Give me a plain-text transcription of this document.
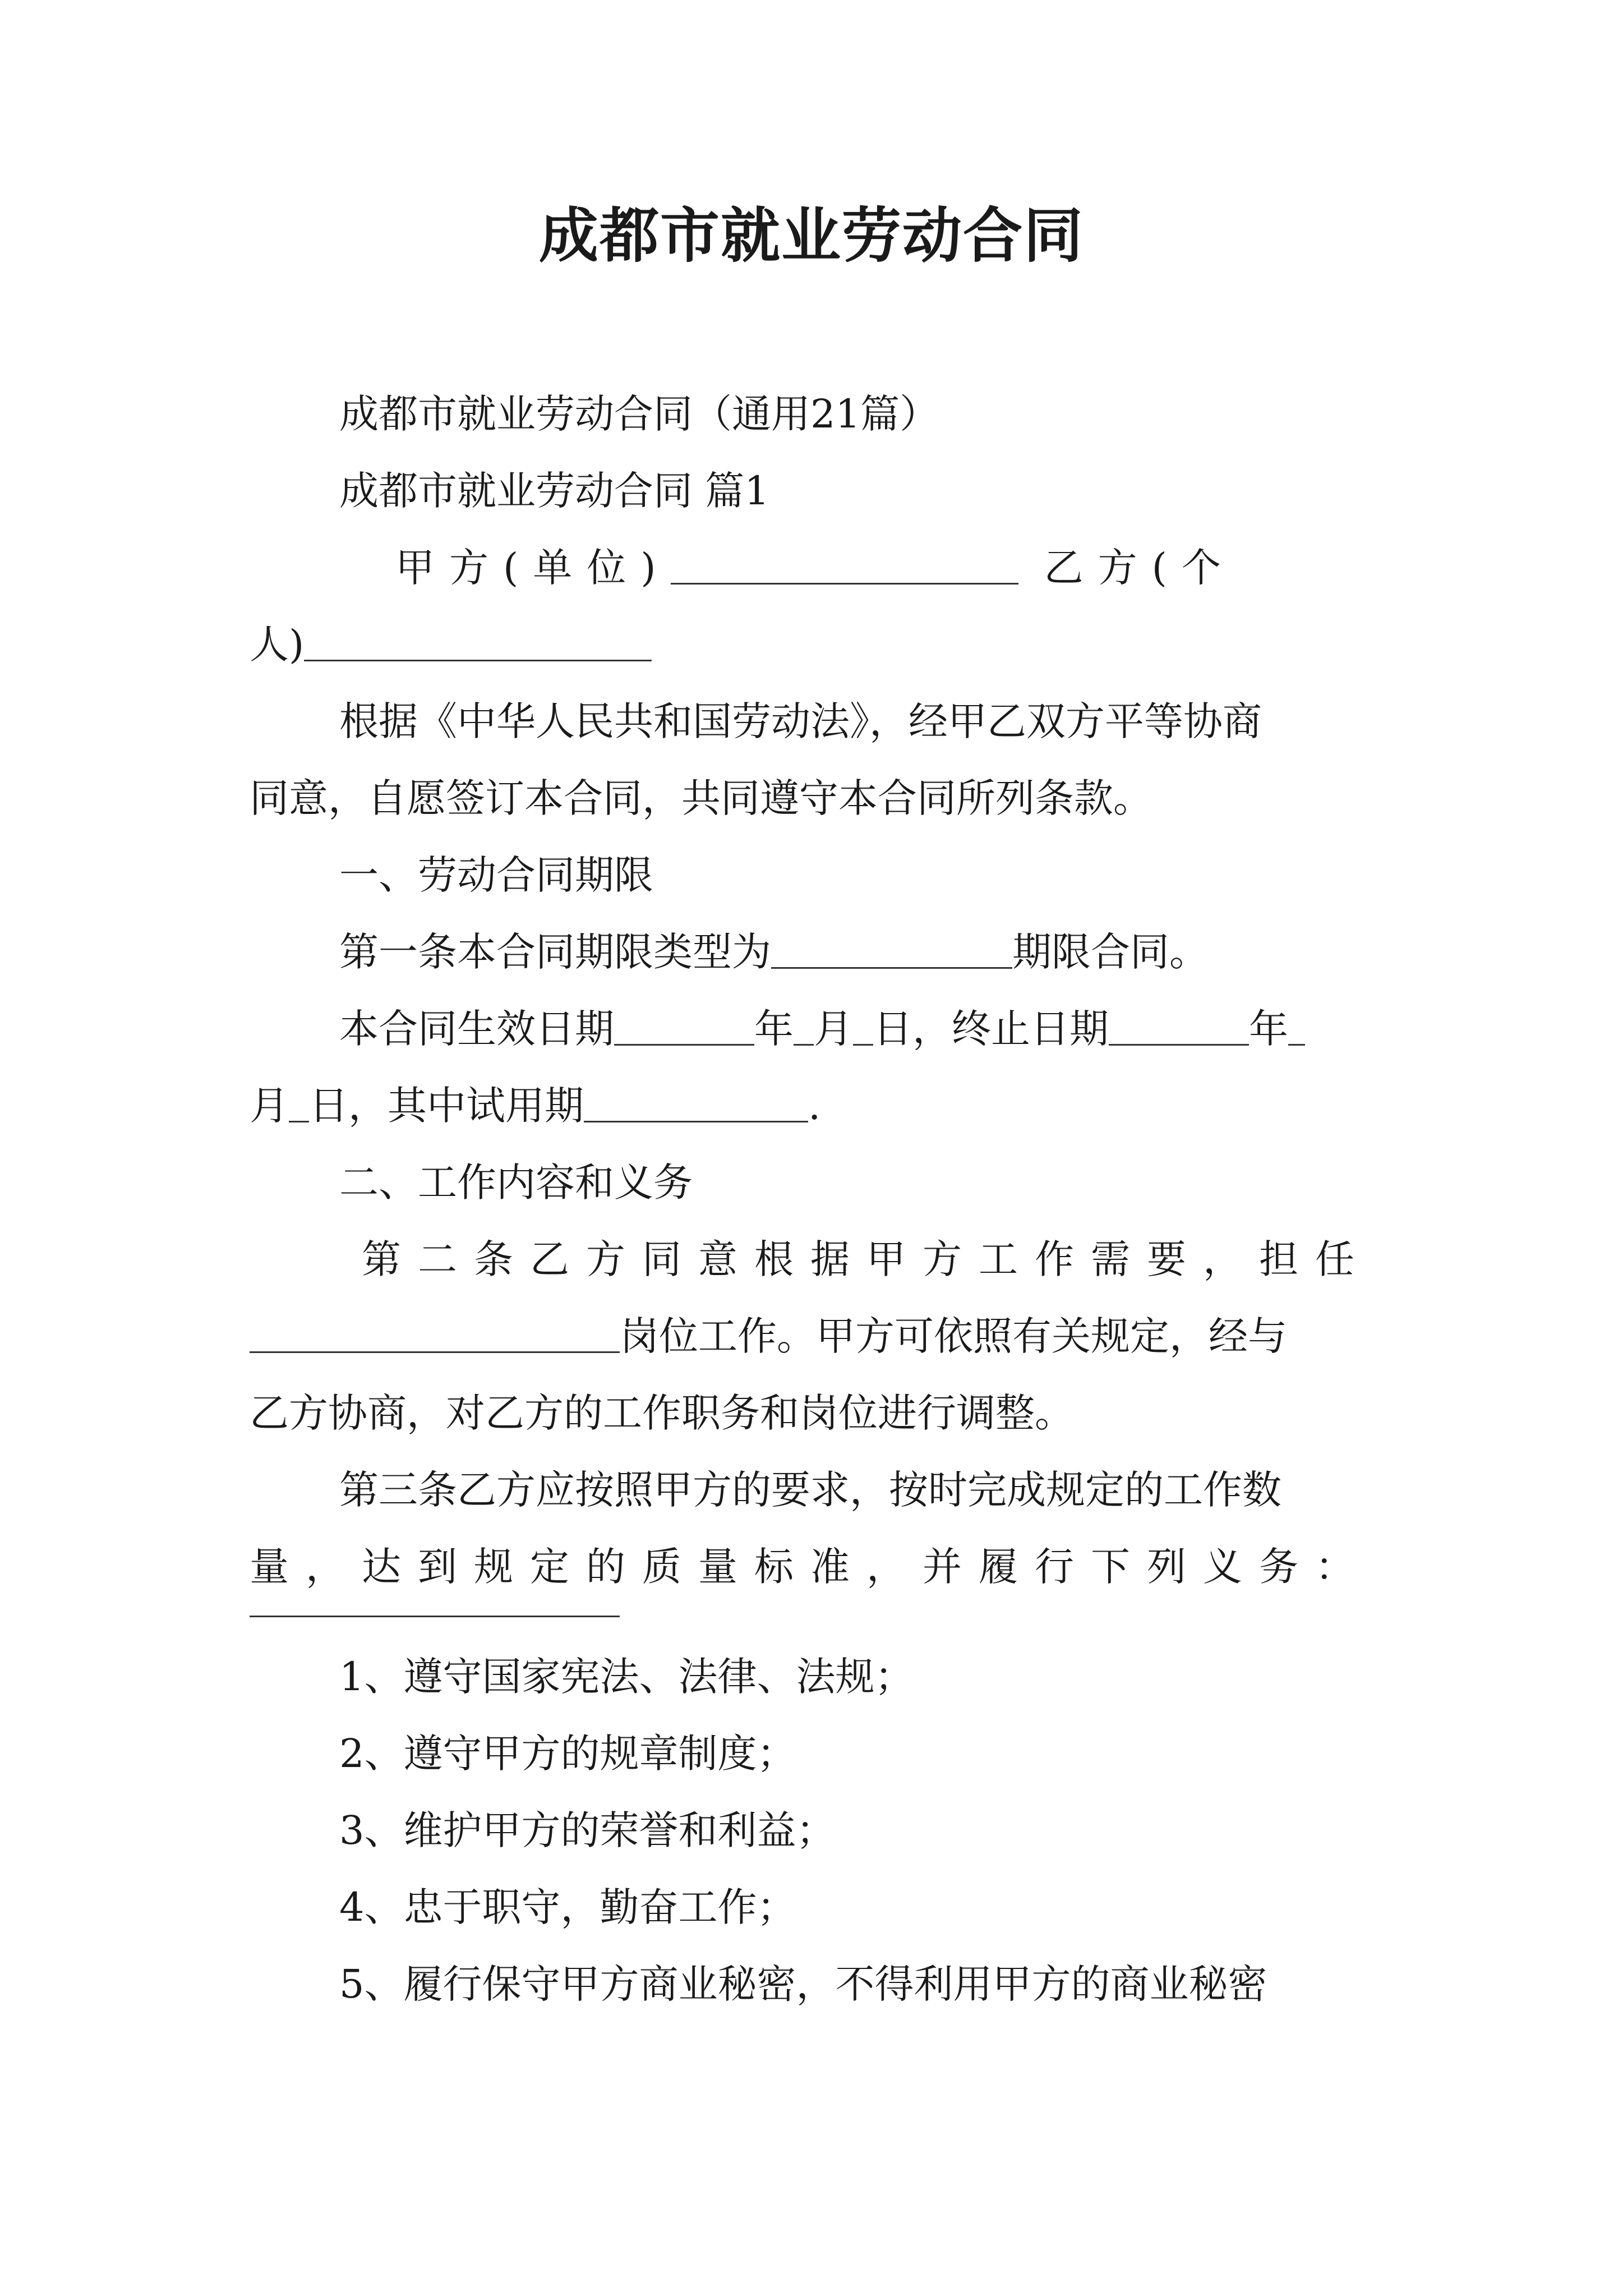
成都市就业劳动合同

成都市就业劳动合同（通用21篇）

成都市就业劳动合同 篇1

甲方(单位)	乙方(个

人)

根据《中华人民共和国劳动法》，经甲乙双方平等协商

同意，自愿签订本合同，共同遵守本合同所列条款。

一、劳动合同期限

第一条本合同期限类型为	期限合同。

本合同生效日期	年 月 日，终止日期	年

月 日，其中试用期	.

二、工作内容和义务

第二条乙方同意根据甲方工作需要，担任

岗位工作。甲方可依照有关规定，经与

乙方协商，对乙方的工作职务和岗位进行调整。

第三条乙方应按照甲方的要求，按时完成规定的工作数

量，达到规定的质量标准，并履行下列义务：

1、遵守国家宪法、法律、法规；

2、遵守甲方的规章制度；

3、维护甲方的荣誉和利益；

4、忠于职守，勤奋工作；

5、履行保守甲方商业秘密，不得利用甲方的商业秘密
